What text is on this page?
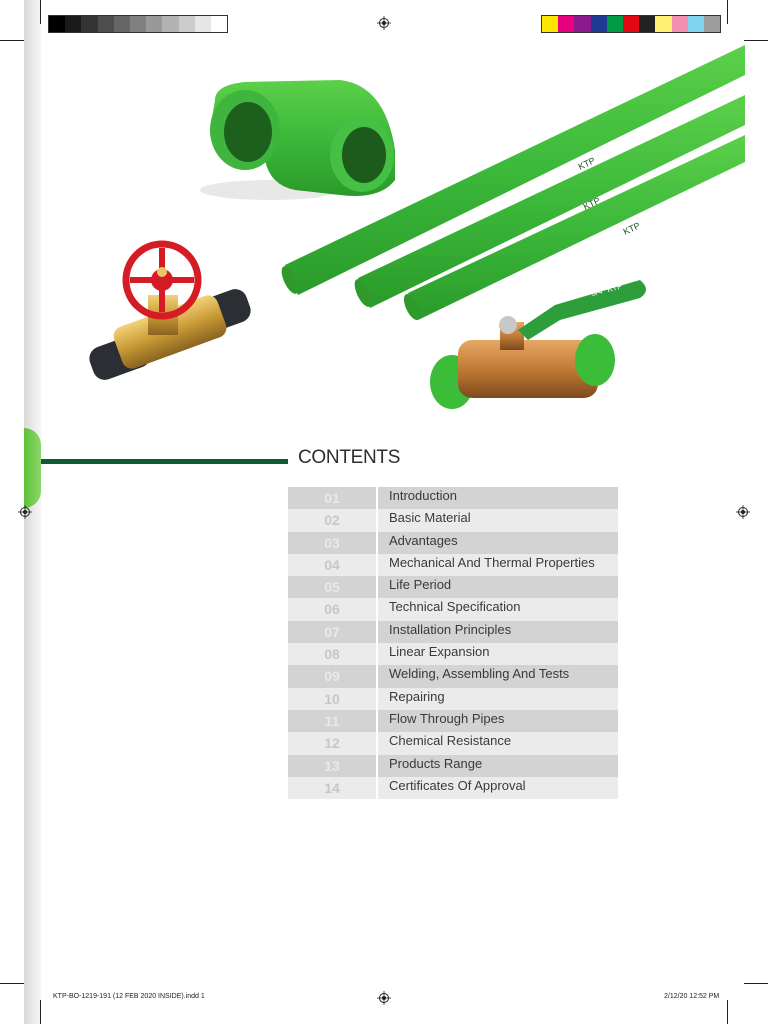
KTP
KTP
KTP
3/4" KTP
CONTENTS
01	Introduction
02	Basic Material
03	Advantages
04	Mechanical And Thermal Properties
05	Life Period
06	Technical Specification
07	Installation Principles
08	Linear Expansion
09	Welding, Assembling And Tests
10	Repairing
11	Flow Through Pipes
12	Chemical Resistance
13	Products Range
14	Certificates Of Approval
KTP-BO-1219-191 (12 FEB 2020 INSIDE).indd 1	2/12/20 12:52 PM
